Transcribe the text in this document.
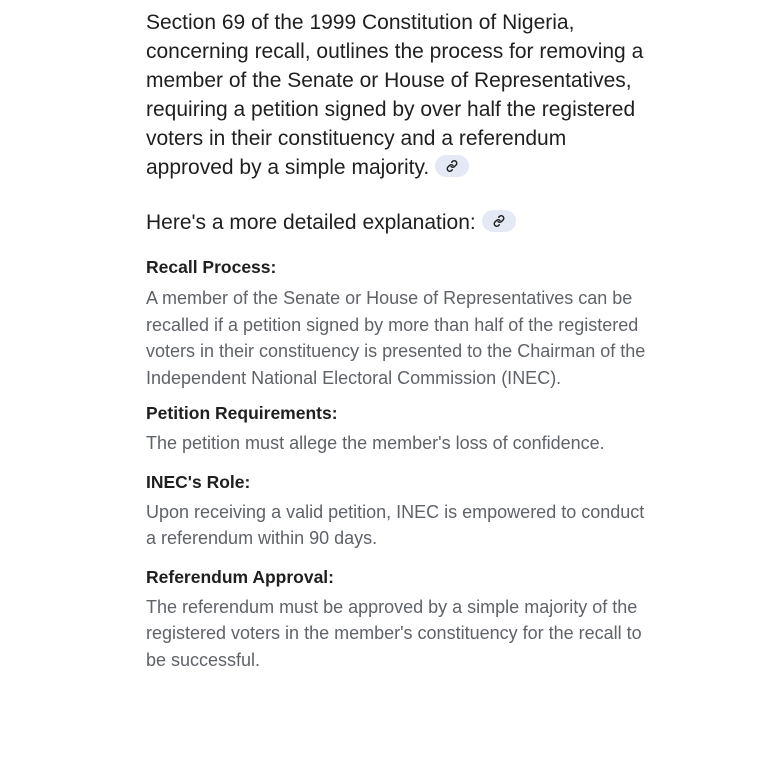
Section 69 of the 1999 Constitution of Nigeria, concerning recall, outlines the process for removing a member of the Senate or House of Representatives, requiring a petition signed by over half the registered voters in their constituency and a referendum approved by a simple majority.

Here's a more detailed explanation:

Recall Process:

A member of the Senate or House of Representatives can be recalled if a petition signed by more than half of the registered voters in their constituency is presented to the Chairman of the Independent National Electoral Commission (INEC).

Petition Requirements:

The petition must allege the member's loss of confidence.

INEC's Role:

Upon receiving a valid petition, INEC is empowered to conduct a referendum within 90 days.

Referendum Approval:

The referendum must be approved by a simple majority of the registered voters in the member's constituency for the recall to be successful.
